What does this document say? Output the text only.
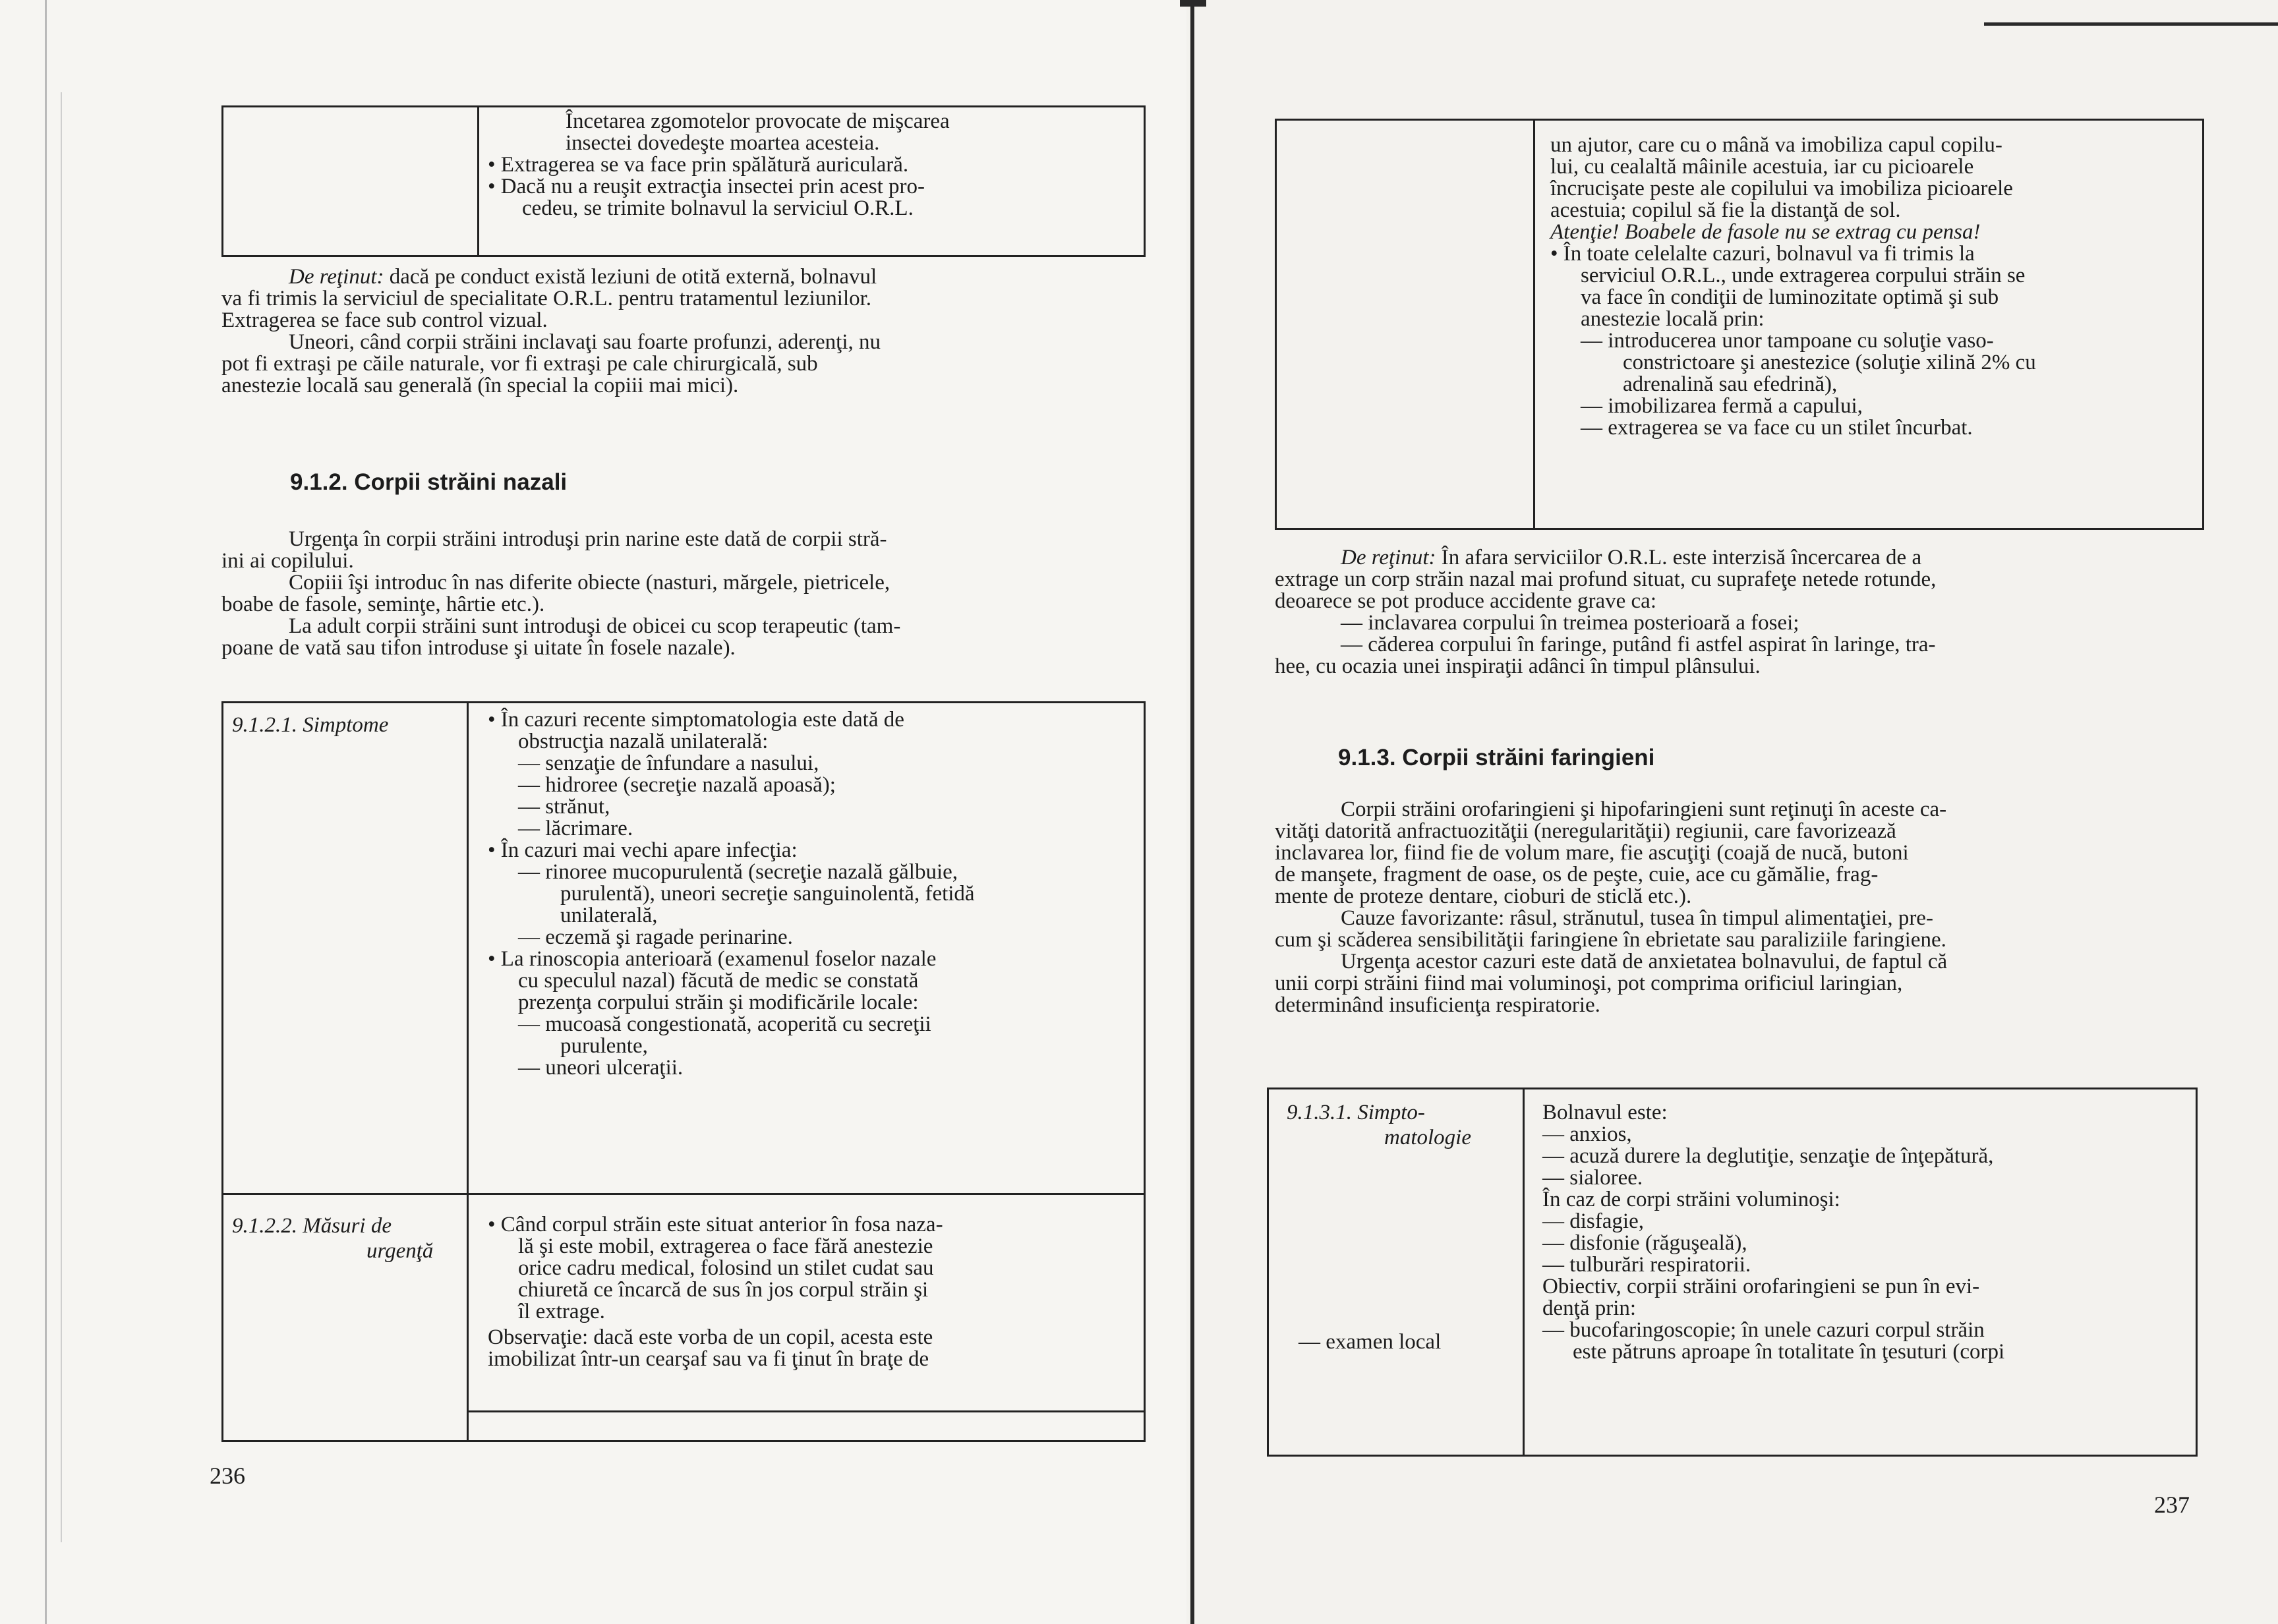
Încetarea zgomotelor provocate de mişcarea
insectei dovedeşte moartea acesteia.
• Extragerea se va face prin spălătură auriculară.
• Dacă nu a reuşit extracţia insectei prin acest pro-
cedeu, se trimite bolnavul la serviciul O.R.L.
De reţinut: dacă pe conduct există leziuni de otită externă, bolnavul
va fi trimis la serviciul de specialitate O.R.L. pentru tratamentul leziunilor.
Extragerea se face sub control vizual.
Uneori, când corpii străini inclavaţi sau foarte profunzi, aderenţi, nu
pot fi extraşi pe căile naturale, vor fi extraşi pe cale chirurgicală, sub
anestezie locală sau generală (în special la copiii mai mici).
9.1.2. Corpii străini nazali
Urgenţa în corpii străini introduşi prin narine este dată de corpii stră-
ini ai copilului.
Copiii îşi introduc în nas diferite obiecte (nasturi, mărgele, pietricele,
boabe de fasole, seminţe, hârtie etc.).
La adult corpii străini sunt introduşi de obicei cu scop terapeutic (tam-
poane de vată sau tifon introduse şi uitate în fosele nazale).
9.1.2.1. Simptome	• În cazuri recente simptomatologia este dată de
obstrucţia nazală unilaterală:
— senzaţie de înfundare a nasului,
— hidroree (secreţie nazală apoasă);
— strănut,
— lăcrimare.
• În cazuri mai vechi apare infecţia:
— rinoree mucopurulentă (secreţie nazală gălbuie,
purulentă), uneori secreţie sanguinolentă, fetidă
unilaterală,
— eczemă şi ragade perinarine.
• La rinoscopia anterioară (examenul foselor nazale
cu speculul nazal) făcută de medic se constată
prezenţa corpului străin şi modificările locale:
— mucoasă congestionată, acoperită cu secreţii
purulente,
— uneori ulceraţii.
9.1.2.2. Măsuri de
urgenţă
• Când corpul străin este situat anterior în fosa naza-
lă şi este mobil, extragerea o face fără anestezie
orice cadru medical, folosind un stilet cudat sau
chiuretă ce încarcă de sus în jos corpul străin şi
îl extrage.
Observaţie: dacă este vorba de un copil, acesta este
imobilizat într-un cearşaf sau va fi ţinut în braţe de
236
un ajutor, care cu o mână va imobiliza capul copilu-
lui, cu cealaltă mâinile acestuia, iar cu picioarele
încrucişate peste ale copilului va imobiliza picioarele
acestuia; copilul să fie la distanţă de sol.
Atenţie! Boabele de fasole nu se extrag cu pensa!
• În toate celelalte cazuri, bolnavul va fi trimis la
serviciul O.R.L., unde extragerea corpului străin se
va face în condiţii de luminozitate optimă şi sub
anestezie locală prin:
— introducerea unor tampoane cu soluţie vaso-
constrictoare şi anestezice (soluţie xilină 2% cu
adrenalină sau efedrină),
— imobilizarea fermă a capului,
— extragerea se va face cu un stilet încurbat.
De reţinut: În afara serviciilor O.R.L. este interzisă încercarea de a
extrage un corp străin nazal mai profund situat, cu suprafeţe netede rotunde,
deoarece se pot produce accidente grave ca:
— inclavarea corpului în treimea posterioară a fosei;
— căderea corpului în faringe, putând fi astfel aspirat în laringe, tra-
hee, cu ocazia unei inspiraţii adânci în timpul plânsului.
9.1.3. Corpii străini faringieni
Corpii străini orofaringieni şi hipofaringieni sunt reţinuţi în aceste ca-
vităţi datorită anfractuozităţii (neregularităţii) regiunii, care favorizează
inclavarea lor, fiind fie de volum mare, fie ascuţiţi (coajă de nucă, butoni
de manşete, fragment de oase, os de peşte, cuie, ace cu gămălie, frag-
mente de proteze dentare, cioburi de sticlă etc.).
Cauze favorizante: râsul, strănutul, tusea în timpul alimentaţiei, pre-
cum şi scăderea sensibilităţii faringiene în ebrietate sau paraliziile faringiene.
Urgenţa acestor cazuri este dată de anxietatea bolnavului, de faptul că
unii corpi străini fiind mai voluminoşi, pot comprima orificiul laringian,
determinând insuficienţa respiratorie.
9.1.3.1. Simpto-
matologie
— examen local
Bolnavul este:
— anxios,
— acuză durere la deglutiţie, senzaţie de înţepătură,
— sialoree.
În caz de corpi străini voluminoşi:
— disfagie,
— disfonie (răguşeală),
— tulburări respiratorii.
Obiectiv, corpii străini orofaringieni se pun în evi-
denţă prin:
— bucofaringoscopie; în unele cazuri corpul străin
este pătruns aproape în totalitate în ţesuturi (corpi
237
